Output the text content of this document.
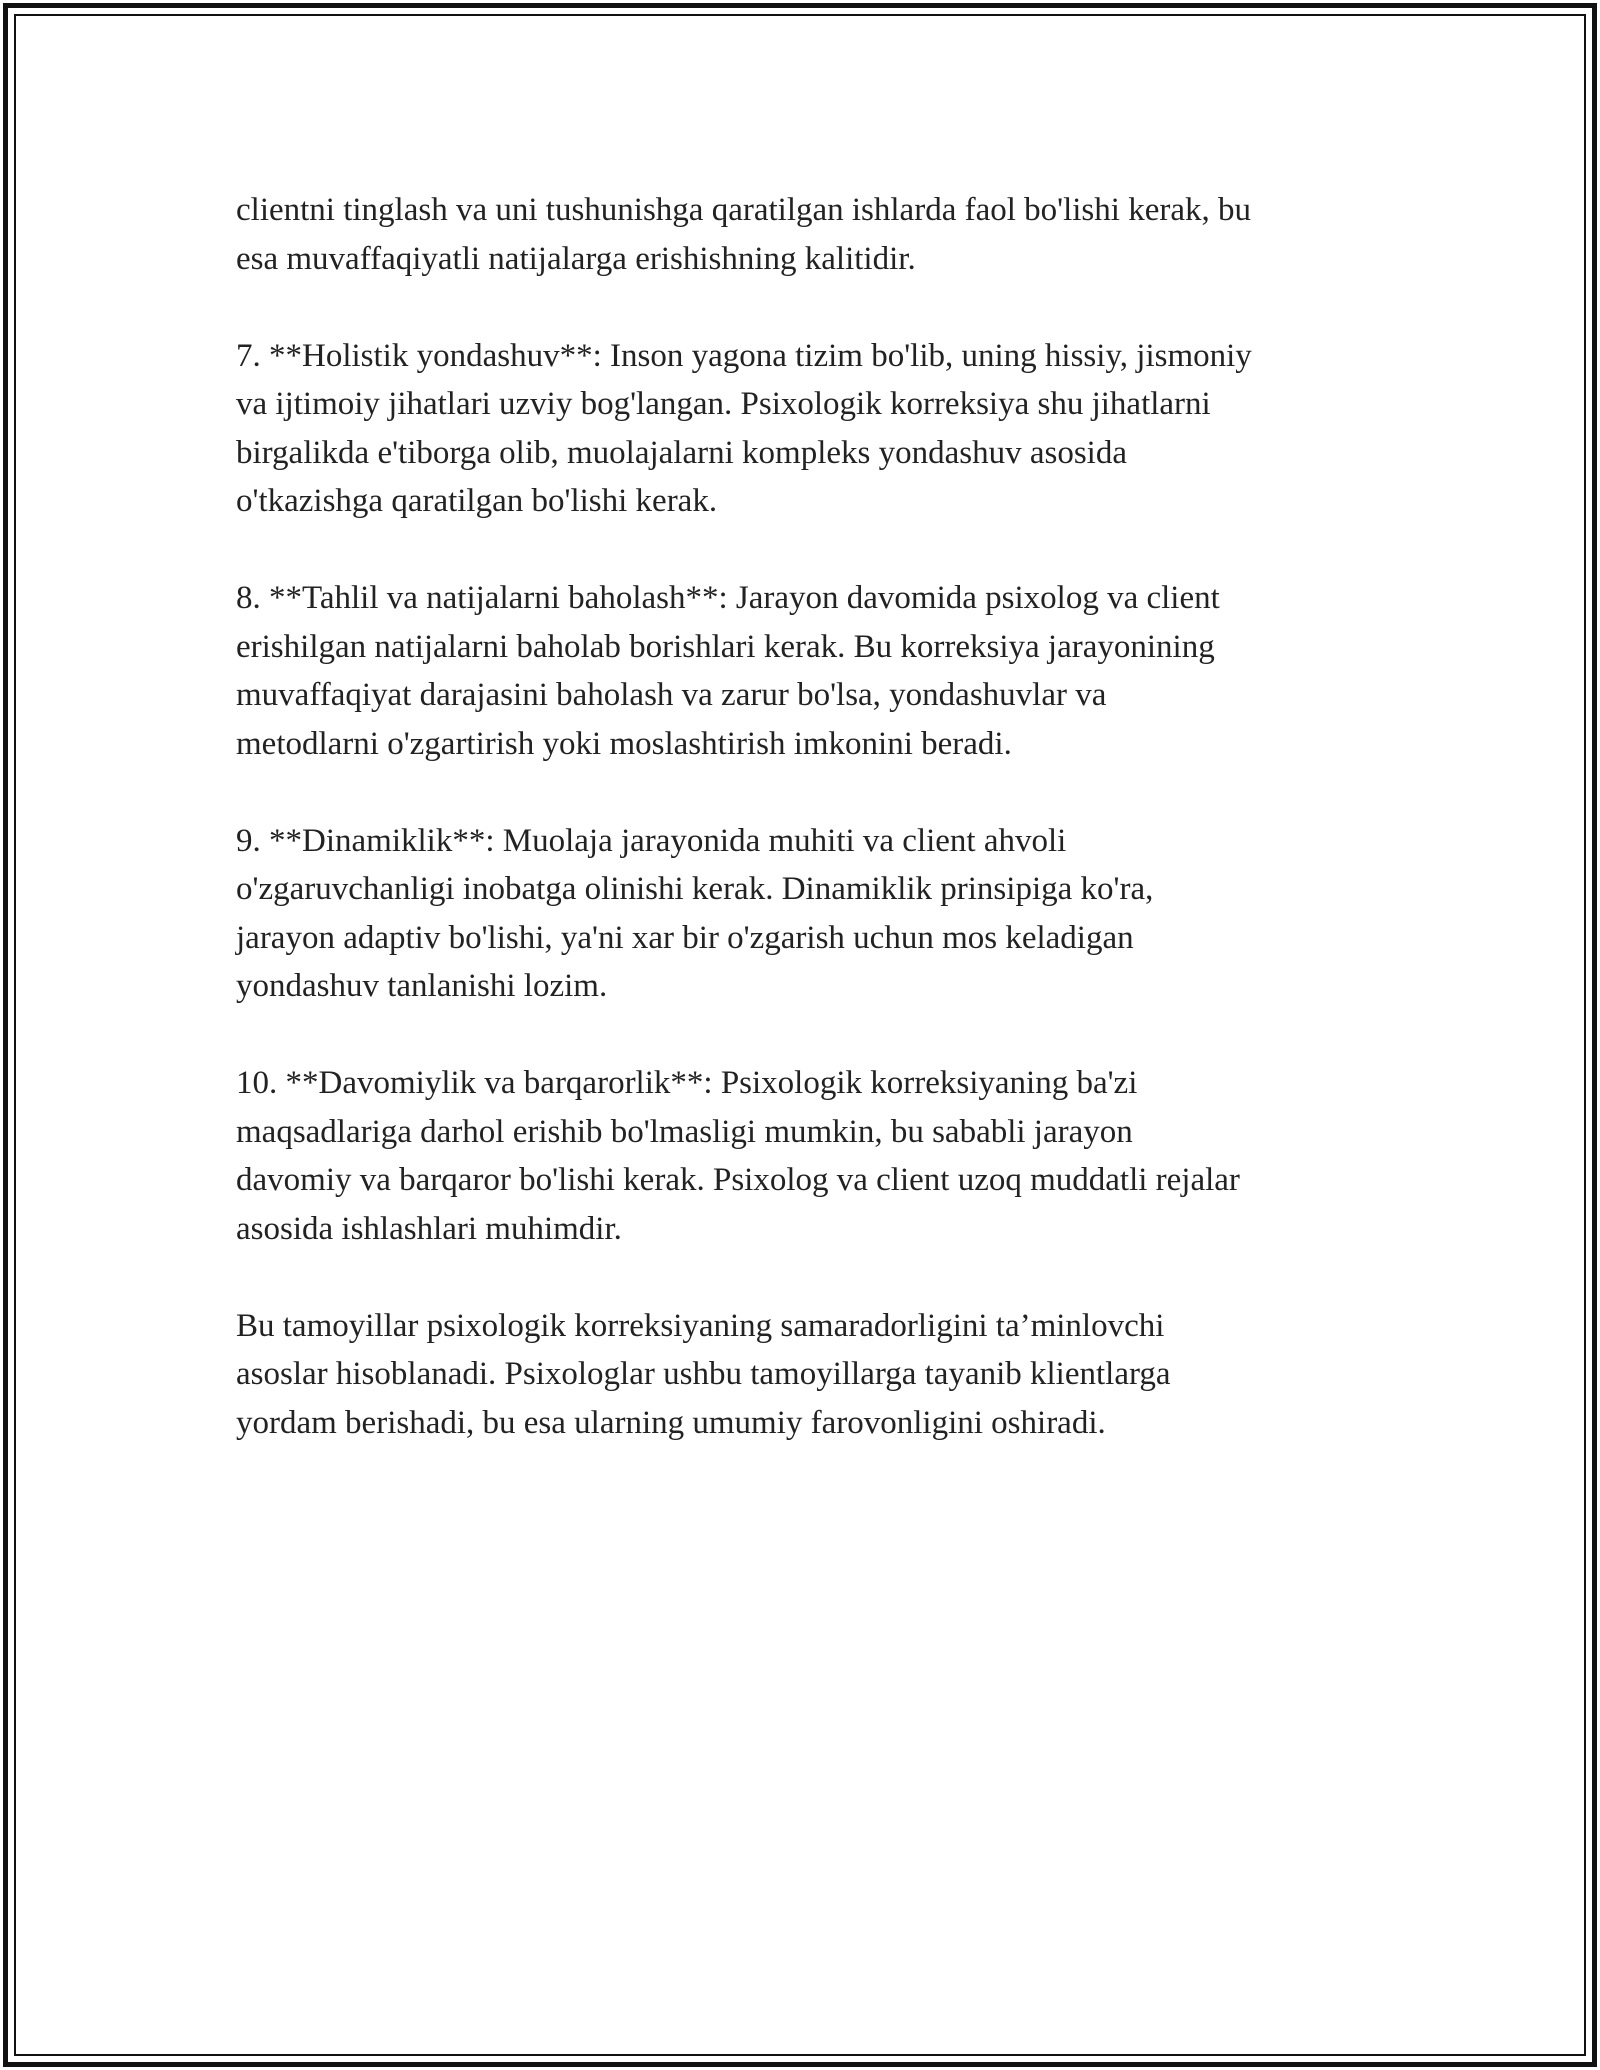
clientni tinglash va uni tushunishga qaratilgan ishlarda faol bo'lishi kerak, bu
esa muvaffaqiyatli natijalarga erishishning kalitidir.

7. **Holistik yondashuv**: Inson yagona tizim bo'lib, uning hissiy, jismoniy
va ijtimoiy jihatlari uzviy bog'langan. Psixologik korreksiya shu jihatlarni
birgalikda e'tiborga olib, muolajalarni kompleks yondashuv asosida
o'tkazishga qaratilgan bo'lishi kerak.

8. **Tahlil va natijalarni baholash**: Jarayon davomida psixolog va client
erishilgan natijalarni baholab borishlari kerak. Bu korreksiya jarayonining
muvaffaqiyat darajasini baholash va zarur bo'lsa, yondashuvlar va
metodlarni o'zgartirish yoki moslashtirish imkonini beradi.

9. **Dinamiklik**: Muolaja jarayonida muhiti va client ahvoli
o'zgaruvchanligi inobatga olinishi kerak. Dinamiklik prinsipiga ko'ra,
jarayon adaptiv bo'lishi, ya'ni xar bir o'zgarish uchun mos keladigan
yondashuv tanlanishi lozim.

10. **Davomiylik va barqarorlik**: Psixologik korreksiyaning ba'zi
maqsadlariga darhol erishib bo'lmasligi mumkin, bu sababli jarayon
davomiy va barqaror bo'lishi kerak. Psixolog va client uzoq muddatli rejalar
asosida ishlashlari muhimdir.

Bu tamoyillar psixologik korreksiyaning samaradorligini ta’minlovchi
asoslar hisoblanadi. Psixologlar ushbu tamoyillarga tayanib klientlarga
yordam berishadi, bu esa ularning umumiy farovonligini oshiradi.
